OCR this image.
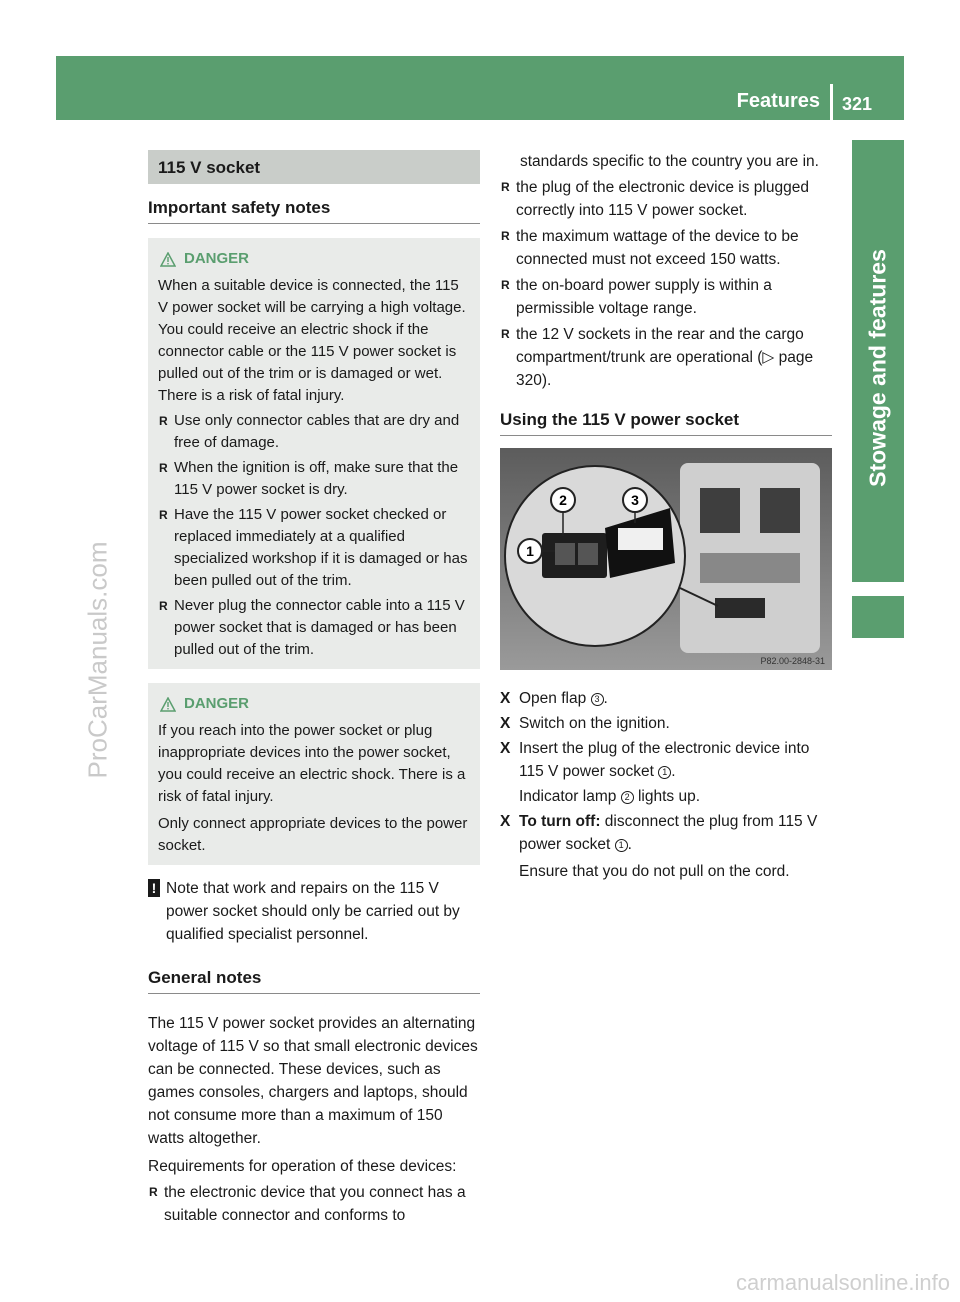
Features 321
Stowage and features
ProCarManuals.com
carmanualsonline.info
115 V socket
Important safety notes
DANGER

When a suitable device is connected, the 115 V power socket will be carrying a high voltage. You could receive an electric shock if the connector cable or the 115 V power socket is pulled out of the trim or is damaged or wet. There is a risk of fatal injury.

R Use only connector cables that are dry and free of damage.
R When the ignition is off, make sure that the 115 V power socket is dry.
R Have the 115 V power socket checked or replaced immediately at a qualified specialized workshop if it is damaged or has been pulled out of the trim.
R Never plug the connector cable into a 115 V power socket that is damaged or has been pulled out of the trim.
DANGER

If you reach into the power socket or plug inappropriate devices into the power socket, you could receive an electric shock. There is a risk of fatal injury.

Only connect appropriate devices to the power socket.

! Note that work and repairs on the 115 V power socket should only be carried out by qualified specialist personnel.
General notes

The 115 V power socket provides an alternating voltage of 115 V so that small electronic devices can be connected. These devices, such as games consoles, chargers and laptops, should not consume more than a maximum of 150 watts altogether.

Requirements for operation of these devices:

R the electronic device that you connect has a suitable connector and conforms to

standards specific to the country you are in.

R the plug of the electronic device is plugged correctly into 115 V power socket.
R the maximum wattage of the device to be connected must not exceed 150 watts.
R the on-board power supply is within a permissible voltage range.
R the 12 V sockets in the rear and the cargo compartment/trunk are operational (▷ page 320).
Using the 115 V power socket
1
2	3
P82.00-2848-31
X Open flap 3 .
X Switch on the ignition.
X Insert the plug of the electronic device into 115 V power socket 1 .
Indicator lamp 2 lights up.
X To turn off: disconnect the plug from 115 V power socket 1 .
Ensure that you do not pull on the cord.
